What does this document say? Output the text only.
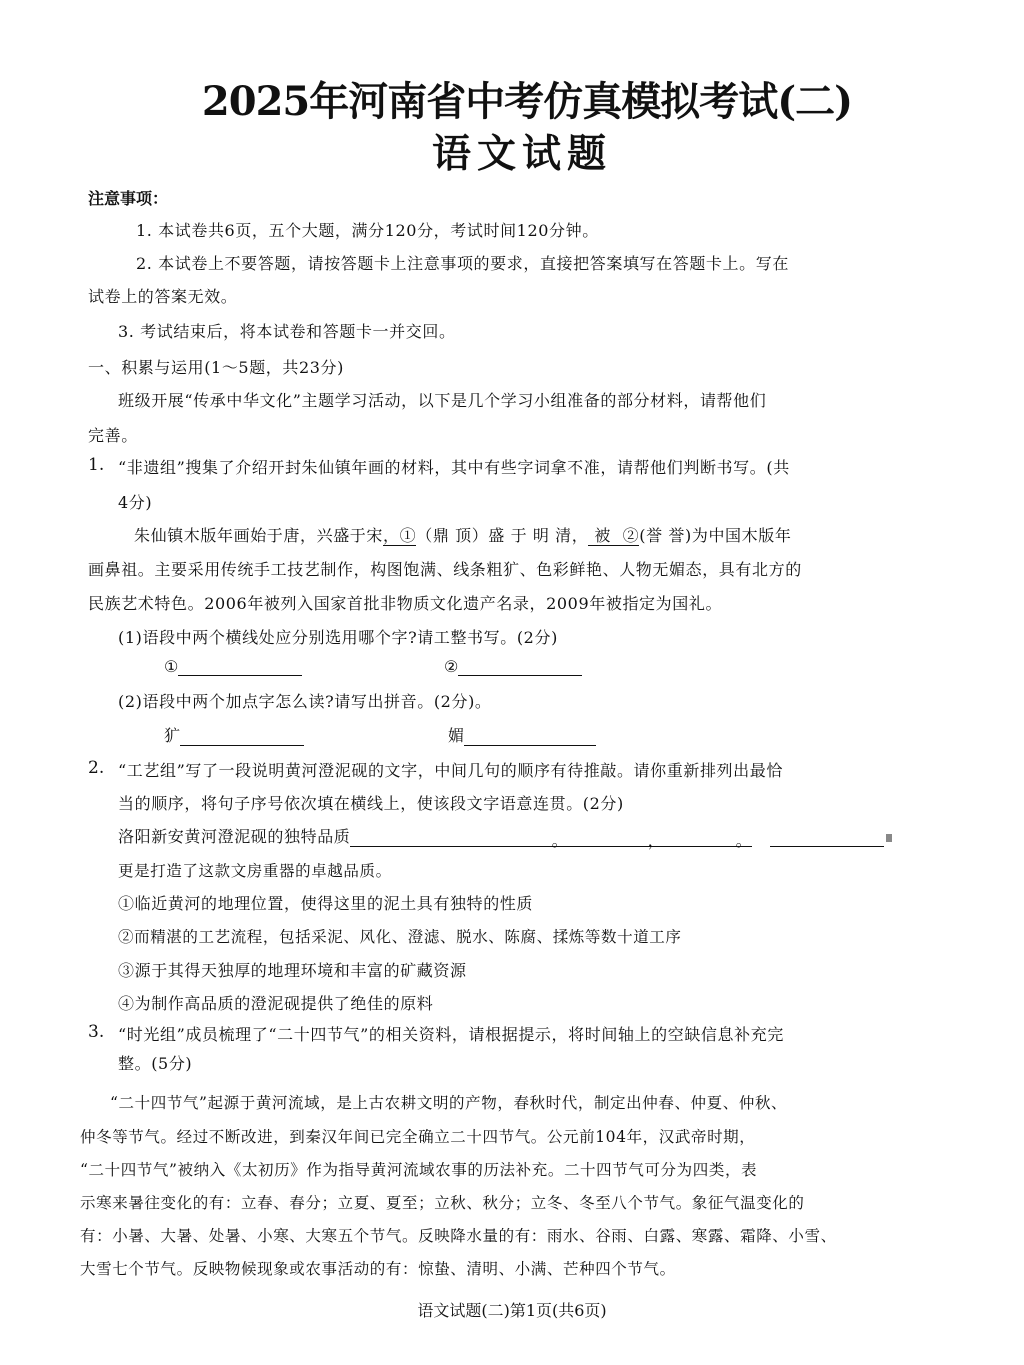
2025年河南省中考仿真模拟考试(二)
语文试题
注意事项：
1. 本试卷共6页，五个大题，满分120分，考试时间120分钟。
2. 本试卷上不要答题，请按答题卡上注意事项的要求，直接把答案填写在答题卡上。写在
试卷上的答案无效。
3. 考试结束后，将本试卷和答题卡一并交回。
一、积累与运用(1～5题，共23分)
班级开展“传承中华文化”主题学习活动，以下是几个学习小组准备的部分材料，请帮他们
完善。
1. “非遗组”搜集了介绍开封朱仙镇年画的材料，其中有些字词拿不准，请帮他们判断书写。(共
4分)
朱仙镇木版年画始于唐，兴盛于宋，①（鼎 顶）盛 于 明 清， 被 ②(誉 誉)为中国木版年
画鼻祖。主要采用传统手工技艺制作，构图饱满、线条粗犷、色彩鲜艳、人物无媚态，具有北方的
民族艺术特色。2006年被列入国家首批非物质文化遗产名录，2009年被指定为国礼。
(1)语段中两个横线处应分别选用哪个字?请工整书写。(2分)
①	②
(2)语段中两个加点字怎么读?请写出拼音。(2分)。
犷	媚
2. “工艺组”写了一段说明黄河澄泥砚的文字，中间几句的顺序有待推敲。请你重新排列出最恰
当的顺序，将句子序号依次填在横线上，使该段文字语意连贯。(2分)
洛阳新安黄河澄泥砚的独特品质	。	，	。
更是打造了这款文房重器的卓越品质。
①临近黄河的地理位置，使得这里的泥土具有独特的性质
②而精湛的工艺流程，包括采泥、风化、澄滤、脱水、陈腐、揉炼等数十道工序
③源于其得天独厚的地理环境和丰富的矿藏资源
④为制作高品质的澄泥砚提供了绝佳的原料
3. “时光组”成员梳理了“二十四节气”的相关资料，请根据提示，将时间轴上的空缺信息补充完
整。(5分)
“二十四节气”起源于黄河流域，是上古农耕文明的产物，春秋时代，制定出仲春、仲夏、仲秋、
仲冬等节气。经过不断改进，到秦汉年间已完全确立二十四节气。公元前104年，汉武帝时期，
“二十四节气”被纳入《太初历》作为指导黄河流域农事的历法补充。二十四节气可分为四类，表
示寒来暑往变化的有：立春、春分；立夏、夏至；立秋、秋分；立冬、冬至八个节气。象征气温变化的
有：小暑、大暑、处暑、小寒、大寒五个节气。反映降水量的有：雨水、谷雨、白露、寒露、霜降、小雪、
大雪七个节气。反映物候现象或农事活动的有：惊蛰、清明、小满、芒种四个节气。
语文试题(二)第1页(共6页)
